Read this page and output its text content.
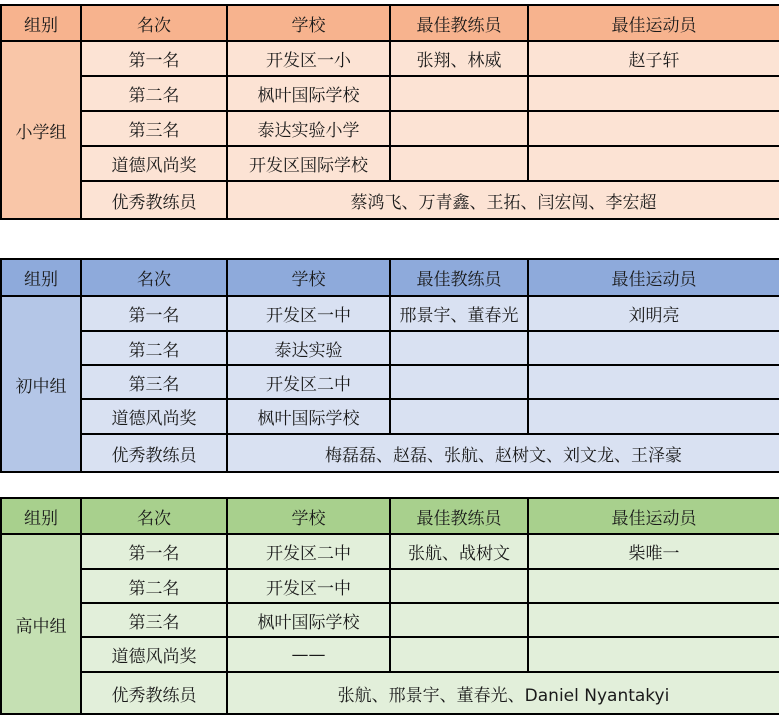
组别	名次	学校	最佳教练员	最佳运动员
小学组	第一名	开发区一小	张翔、林威	赵子轩
	第二名	枫叶国际学校		
	第三名	泰达实验小学		
	道德风尚奖	开发区国际学校		
	优秀教练员	蔡鸿飞、万青鑫、王拓、闫宏闯、李宏超		
组别	名次	学校	最佳教练员	最佳运动员
初中组	第一名	开发区一中	邢景宇、董春光	刘明亮
	第二名	泰达实验		
	第三名	开发区二中		
	道德风尚奖	枫叶国际学校		
	优秀教练员	梅磊磊、赵磊、张航、赵树文、刘文龙、王泽豪		
组别	名次	学校	最佳教练员	最佳运动员
高中组	第一名	开发区二中	张航、战树文	柴唯一
	第二名	开发区一中		
	第三名	枫叶国际学校		
	道德风尚奖	——		
	优秀教练员	张航、邢景宇、董春光、Daniel Nyantakyi		
